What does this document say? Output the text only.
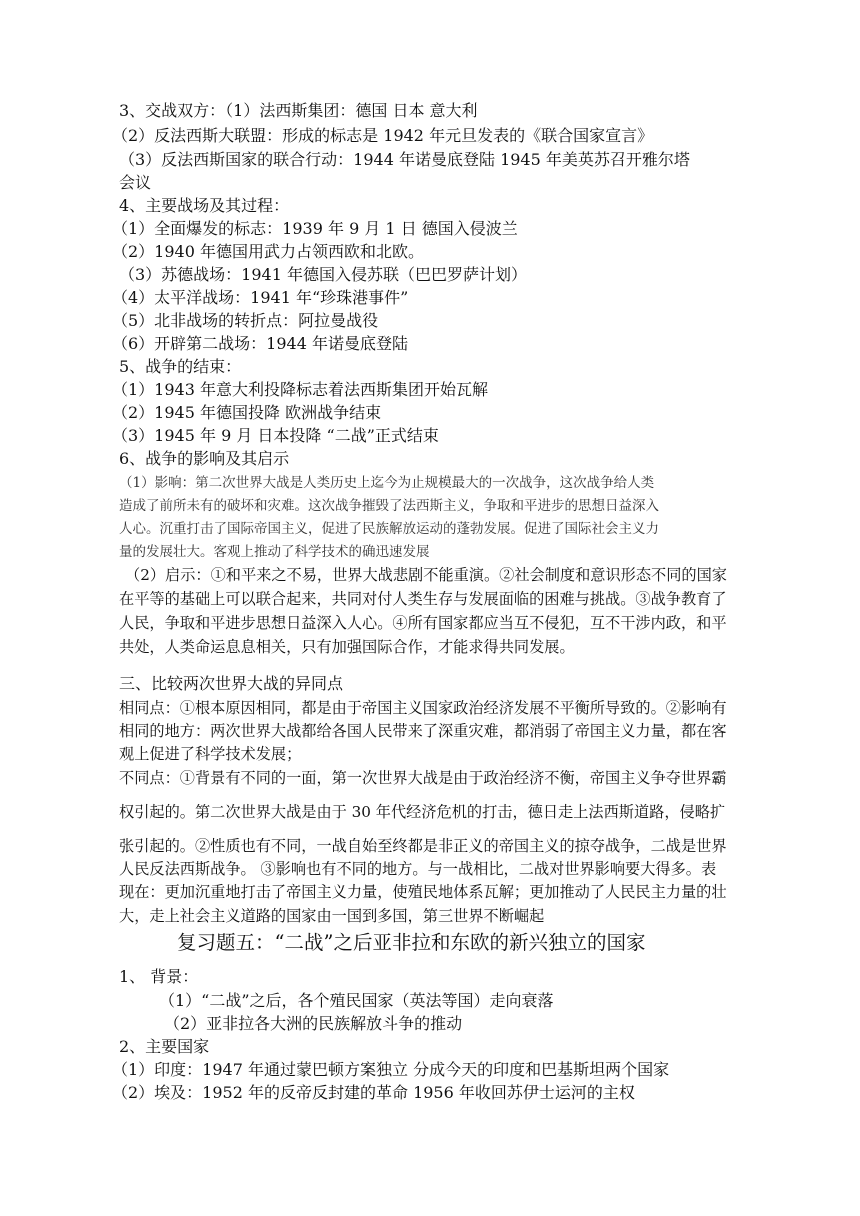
3、交战双方：（1）法西斯集团：德国 日本 意大利
（2）反法西斯大联盟：形成的标志是 1942 年元旦发表的《联合国家宣言》
（3）反法西斯国家的联合行动：1944 年诺曼底登陆 1945 年美英苏召开雅尔塔
会议
4、主要战场及其过程：
（1）全面爆发的标志：1939 年 9 月 1 日 德国入侵波兰
（2）1940 年德国用武力占领西欧和北欧。
（3）苏德战场：1941 年德国入侵苏联（巴巴罗萨计划）
（4）太平洋战场：1941 年“珍珠港事件”
（5）北非战场的转折点：阿拉曼战役
（6）开辟第二战场：1944 年诺曼底登陆
5、战争的结束：
（1）1943 年意大利投降标志着法西斯集团开始瓦解
（2）1945 年德国投降 欧洲战争结束
（3）1945 年 9 月 日本投降 “二战”正式结束
6、战争的影响及其启示
（1）影响：第二次世界大战是人类历史上迄今为止规模最大的一次战争，这次战争给人类
造成了前所未有的破坏和灾难。这次战争摧毁了法西斯主义，争取和平进步的思想日益深入
人心。沉重打击了国际帝国主义，促进了民族解放运动的蓬勃发展。促进了国际社会主义力
量的发展壮大。客观上推动了科学技术的确迅速发展
（2）启示：①和平来之不易，世界大战悲剧不能重演。②社会制度和意识形态不同的国家
在平等的基础上可以联合起来，共同对付人类生存与发展面临的困难与挑战。③战争教育了
人民，争取和平进步思想日益深入人心。④所有国家都应当互不侵犯，互不干涉内政，和平
共处，人类命运息息相关，只有加强国际合作，才能求得共同发展。
三、比较两次世界大战的异同点
相同点：①根本原因相同，都是由于帝国主义国家政治经济发展不平衡所导致的。②影响有
相同的地方：两次世界大战都给各国人民带来了深重灾难，都消弱了帝国主义力量，都在客
观上促进了科学技术发展；
不同点：①背景有不同的一面，第一次世界大战是由于政治经济不衡，帝国主义争夺世界霸
权引起的。第二次世界大战是由于 30 年代经济危机的打击，德日走上法西斯道路，侵略扩
张引起的。②性质也有不同，一战自始至终都是非正义的帝国主义的掠夺战争，二战是世界
人民反法西斯战争。 ③影响也有不同的地方。与一战相比，二战对世界影响要大得多。表
现在：更加沉重地打击了帝国主义力量，使殖民地体系瓦解；更加推动了人民民主力量的壮
大，走上社会主义道路的国家由一国到多国，第三世界不断崛起
复习题五：“二战”之后亚非拉和东欧的新兴独立的国家
1、 背景：
（1）“二战”之后，各个殖民国家（英法等国）走向衰落
（2）亚非拉各大洲的民族解放斗争的推动
2、主要国家
（1）印度：1947 年通过蒙巴顿方案独立 分成今天的印度和巴基斯坦两个国家
（2）埃及：1952 年的反帝反封建的革命 1956 年收回苏伊士运河的主权
